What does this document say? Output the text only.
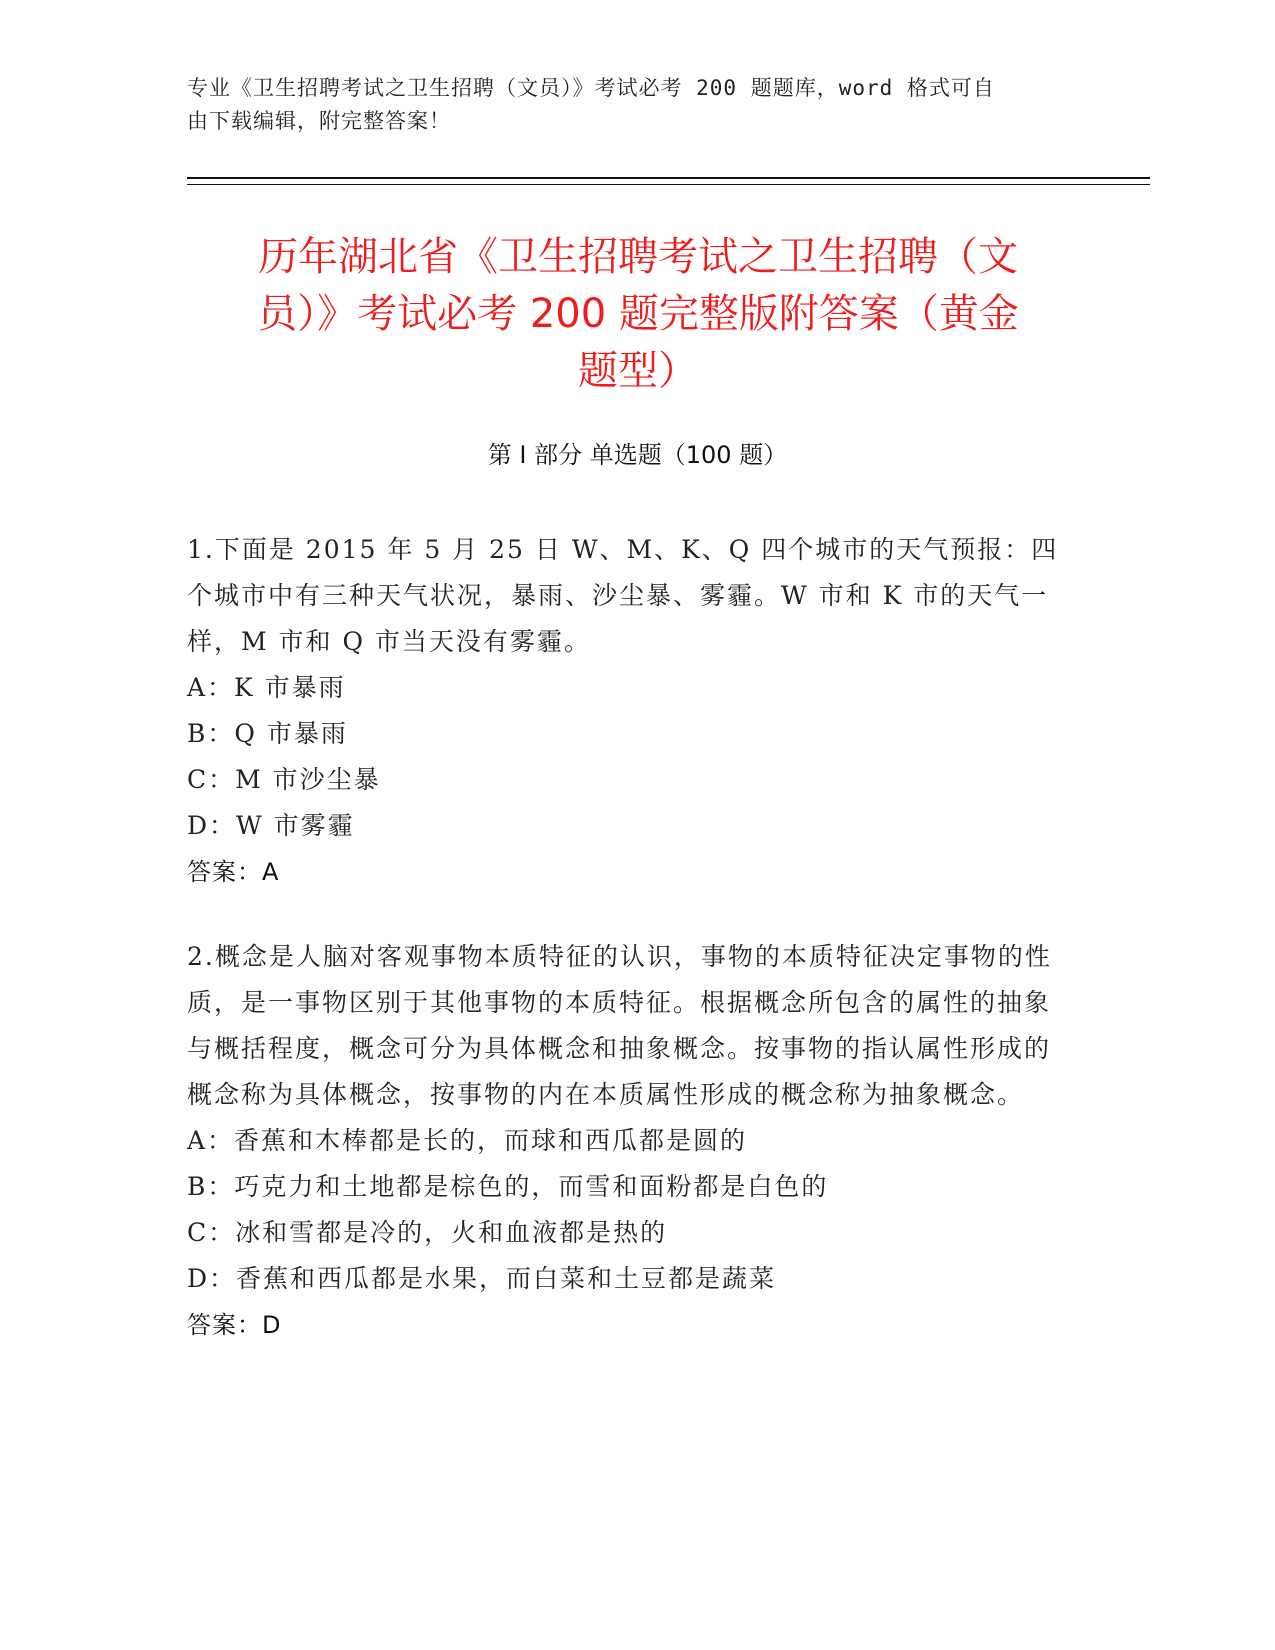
专业《卫生招聘考试之卫生招聘（文员）》考试必考 200 题题库，word 格式可自
由下载编辑，附完整答案！
历年湖北省《卫生招聘考试之卫生招聘（文
员）》考试必考 200 题完整版附答案（黄金
题型）
第 I 部分 单选题（100 题）

1.下面是 2015 年 5 月 25 日 W、M、K、Q 四个城市的天气预报：四个城市中有三种天气状况，暴雨、沙尘暴、雾霾。W 市和 K 市的天气一样，M 市和 Q 市当天没有雾霾。

A：K 市暴雨
B：Q 市暴雨
C：M 市沙尘暴
D：W 市雾霾
答案：A

2.概念是人脑对客观事物本质特征的认识，事物的本质特征决定事物的性质，是一事物区别于其他事物的本质特征。根据概念所包含的属性的抽象与概括程度，概念可分为具体概念和抽象概念。按事物的指认属性形成的概念称为具体概念，按事物的内在本质属性形成的概念称为抽象概念。

A：香蕉和木棒都是长的，而球和西瓜都是圆的
B：巧克力和土地都是棕色的，而雪和面粉都是白色的
C：冰和雪都是冷的，火和血液都是热的
D：香蕉和西瓜都是水果，而白菜和土豆都是蔬菜
答案：D
